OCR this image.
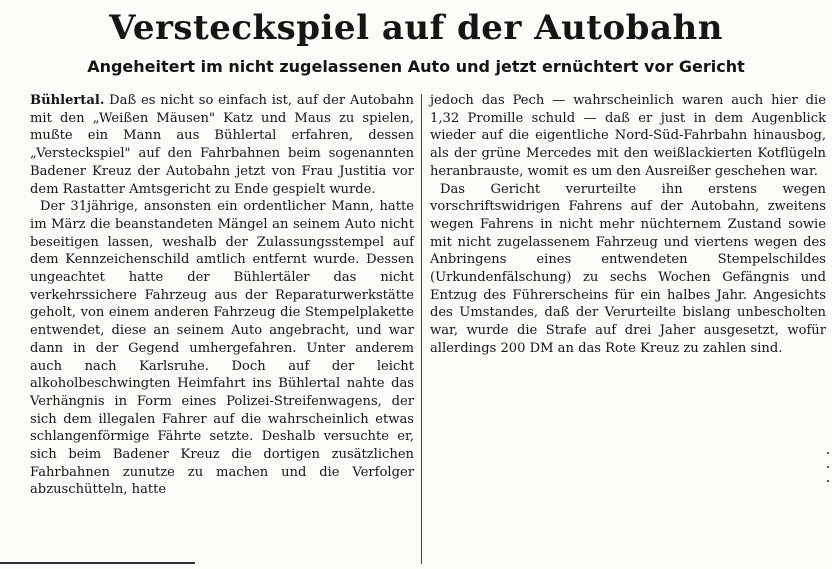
Versteckspiel auf der Autobahn
Angeheitert im nicht zugelassenen Auto und jetzt ernüchtert vor Gericht

Bühlertal. Daß es nicht so einfach ist, auf der Autobahn mit den „Weißen Mäusen" Katz und Maus zu spielen, mußte ein Mann aus Bühlertal erfahren, dessen „Versteckspiel" auf den Fahrbahnen beim sogenannten Badener Kreuz der Autobahn jetzt von Frau Justitia vor dem Rastatter Amtsgericht zu Ende gespielt wurde.

Der 31jährige, ansonsten ein ordentlicher Mann, hatte im März die beanstandeten Mängel an seinem Auto nicht beseitigen lassen, weshalb der Zulassungsstempel auf dem Kennzeichenschild amtlich entfernt wurde. Dessen ungeachtet hatte der Bühlertäler das nicht verkehrssichere Fahrzeug aus der Reparaturwerkstätte geholt, von einem anderen Fahrzeug die Stempelplakette entwendet, diese an seinem Auto angebracht, und war dann in der Gegend umhergefahren. Unter anderem auch nach Karlsruhe. Doch auf der leicht alkoholbeschwingten Heimfahrt ins Bühlertal nahte das Verhängnis in Form eines Polizei-Streifenwagens, der sich dem illegalen Fahrer auf die wahrscheinlich etwas schlangenförmige Fährte setzte. Deshalb versuchte er, sich beim Badener Kreuz die dortigen zusätzlichen Fahrbahnen zunutze zu machen und die Verfolger abzuschütteln, hatte

jedoch das Pech — wahrscheinlich waren auch hier die 1,32 Promille schuld — daß er just in dem Augenblick wieder auf die eigentliche Nord-Süd-Fahrbahn hinausbog, als der grüne Mercedes mit den weißlackierten Kotflügeln heranbrauste, womit es um den Ausreißer geschehen war.

Das Gericht verurteilte ihn erstens wegen vorschriftswidrigen Fahrens auf der Autobahn, zweitens wegen Fahrens in nicht mehr nüchternem Zustand sowie mit nicht zugelassenem Fahrzeug und viertens wegen des Anbringens eines entwendeten Stempelschildes (Urkundenfälschung) zu sechs Wochen Gefängnis und Entzug des Führerscheins für ein halbes Jahr. Angesichts des Umstandes, daß der Verurteilte bislang unbescholten war, wurde die Strafe auf drei Jaher ausgesetzt, wofür allerdings 200 DM an das Rote Kreuz zu zahlen sind.
